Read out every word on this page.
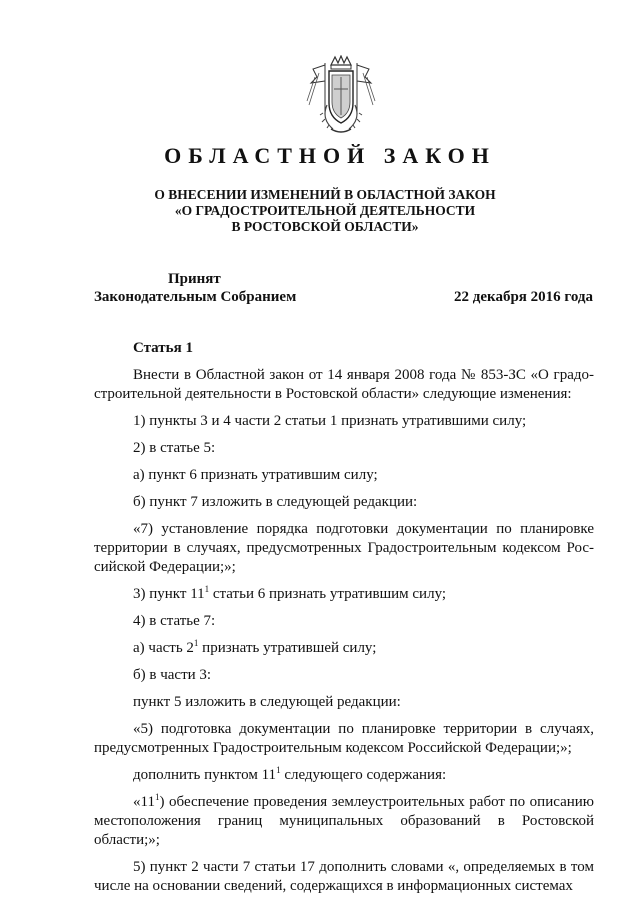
ОБЛАСТНОЙ ЗАКОН
О ВНЕСЕНИИ ИЗМЕНЕНИЙ В ОБЛАСТНОЙ ЗАКОН
«О ГРАДОСТРОИТЕЛЬНОЙ ДЕЯТЕЛЬНОСТИ
В РОСТОВСКОЙ ОБЛАСТИ»
Принят
Законодательным Собранием	22 декабря 2016 года
Статья 1

Внести в Областной закон от 14 января 2008 года № 853-ЗС «О градостроительной деятельности в Ростовской области» следующие изменения:

1) пункты 3 и 4 части 2 статьи 1 признать утратившими силу;

2) в статье 5:

а) пункт 6 признать утратившим силу;

б) пункт 7 изложить в следующей редакции:

«7) установление порядка подготовки документации по планировке территории в случаях, предусмотренных Градостроительным кодексом Российской Федерации;»;

3) пункт $11^1$ статьи 6 признать утратившим силу;

4) в статье 7:

а) часть $2^1$ признать утратившей силу;

б) в части 3:

пункт 5 изложить в следующей редакции:

«5) подготовка документации по планировке территории в случаях, предусмотренных Градостроительным кодексом Российской Федерации;»;

дополнить пунктом $11^1$ следующего содержания:

«$11^1$) обеспечение проведения землеустроительных работ по описанию местоположения границ муниципальных образований в Ростовской области;»;

5) пункт 2 части 7 статьи 17 дополнить словами «, определяемых в том числе на основании сведений, содержащихся в информационных системах
